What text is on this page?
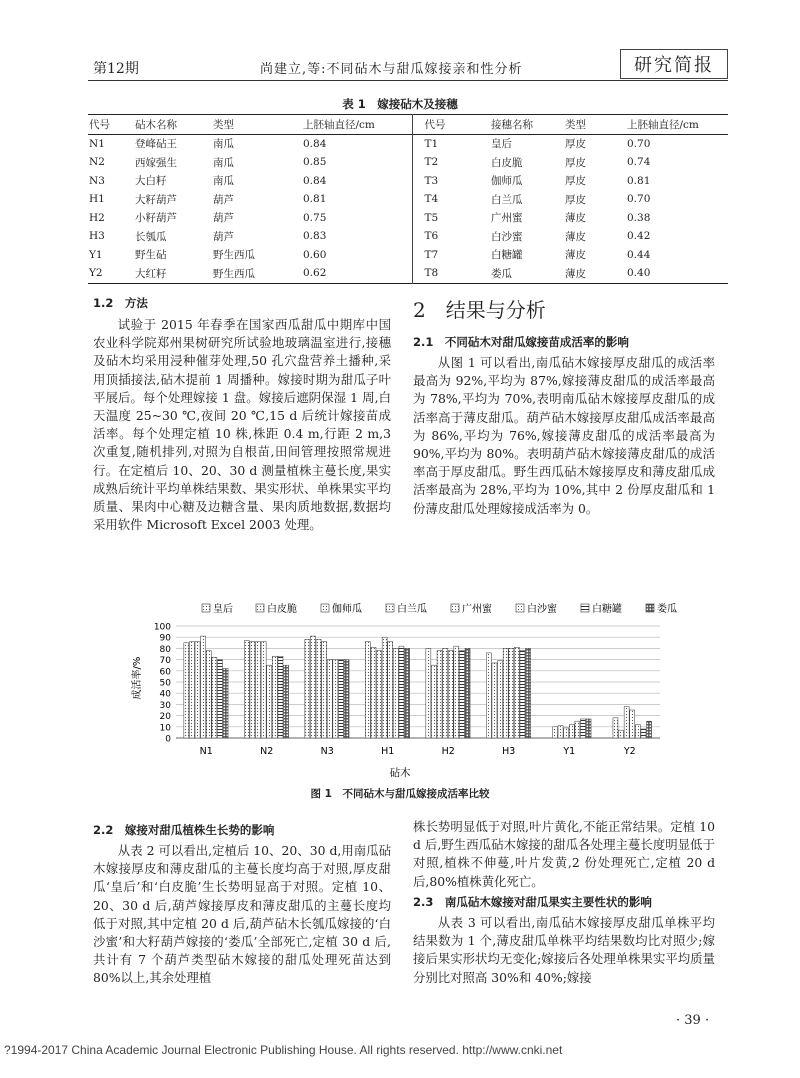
第12期	尚建立,等:不同砧木与甜瓜嫁接亲和性分析	研究简报
表 1　嫁接砧木及接穗
代号	砧木名称	类型	上胚轴直径/cm	代号	接穗名称	类型	上胚轴直径/cm
N1	登峰砧王	南瓜	0.84	T1	皇后	厚皮	0.70
N2	西嫁强生	南瓜	0.85	T2	白皮脆	厚皮	0.74
N3	大白籽	南瓜	0.84	T3	伽师瓜	厚皮	0.81
H1	大籽葫芦	葫芦	0.81	T4	白兰瓜	厚皮	0.70
H2	小籽葫芦	葫芦	0.75	T5	广州蜜	薄皮	0.38
H3	长瓠瓜	葫芦	0.83	T6	白沙蜜	薄皮	0.42
Y1	野生砧	野生西瓜	0.60	T7	白糖罐	薄皮	0.44
Y2	大红籽	野生西瓜	0.62	T8	娄瓜	薄皮	0.40
1.2　方法

试验于 2015 年春季在国家西瓜甜瓜中期库中国农业科学院郑州果树研究所试验地玻璃温室进行,接穗及砧木均采用浸种催芽处理,50 孔穴盘营养土播种,采用顶插接法,砧木提前 1 周播种。嫁接时期为甜瓜子叶平展后。每个处理嫁接 1 盘。嫁接后遮阴保湿 1 周,白天温度 25~30 ℃,夜间 20 ℃,15 d 后统计嫁接苗成活率。每个处理定植 10 株,株距 0.4 m,行距 2 m,3 次重复,随机排列,对照为自根苗,田间管理按照常规进行。在定植后 10、20、30 d 测量植株主蔓长度,果实成熟后统计平均单株结果数、果实形状、单株果实平均质量、果肉中心糖及边糖含量、果肉质地数据,数据均采用软件 Microsoft Excel 2003 处理。

2　结果与分析
2.1　不同砧木对甜瓜嫁接苗成活率的影响

从图 1 可以看出,南瓜砧木嫁接厚皮甜瓜的成活率最高为 92%,平均为 87%,嫁接薄皮甜瓜的成活率最高为 78%,平均为 70%,表明南瓜砧木嫁接厚皮甜瓜的成活率高于薄皮甜瓜。葫芦砧木嫁接厚皮甜瓜成活率最高为 86%,平均为 76%,嫁接薄皮甜瓜的成活率最高为 90%,平均为 80%。表明葫芦砧木嫁接薄皮甜瓜的成活率高于厚皮甜瓜。野生西瓜砧木嫁接厚皮和薄皮甜瓜成活率最高为 28%,平均为 10%,其中 2 份厚皮甜瓜和 1 份薄皮甜瓜处理嫁接成活率为 0。

皇后	白皮脆	伽师瓜	白兰瓜	广州蜜	白沙蜜	白糖罐	娄瓜
0
10
20
30
40
50
60
70
80
90
100
N1	N2	N3	H1	H2	H3	Y1	Y2
成活率/%
砧木
图 1　不同砧木与甜瓜嫁接成活率比较
2.2　嫁接对甜瓜植株生长势的影响

从表 2 可以看出,定植后 10、20、30 d,用南瓜砧木嫁接厚皮和薄皮甜瓜的主蔓长度均高于对照,厚皮甜瓜‘皇后’和‘白皮脆’生长势明显高于对照。定植 10、20、30 d 后,葫芦嫁接厚皮和薄皮甜瓜的主蔓长度均低于对照,其中定植 20 d 后,葫芦砧木长瓠瓜嫁接的‘白沙蜜’和大籽葫芦嫁接的‘娄瓜’全部死亡,定植 30 d 后,共计有 7 个葫芦类型砧木嫁接的甜瓜处理死苗达到 80%以上,其余处理植

株长势明显低于对照,叶片黄化,不能正常结果。定植 10 d 后,野生西瓜砧木嫁接的甜瓜各处理主蔓长度明显低于对照,植株不伸蔓,叶片发黄,2 份处理死亡,定植 20 d 后,80%植株黄化死亡。

2.3　南瓜砧木嫁接对甜瓜果实主要性状的影响

从表 3 可以看出,南瓜砧木嫁接厚皮甜瓜单株平均结果数为 1 个,薄皮甜瓜单株平均结果数均比对照少;嫁接后果实形状均无变化;嫁接后各处理单株果实平均质量分别比对照高 30%和 40%;嫁接

· 39 ·
?1994-2017 China Academic Journal Electronic Publishing House. All rights reserved. http://www.cnki.net
